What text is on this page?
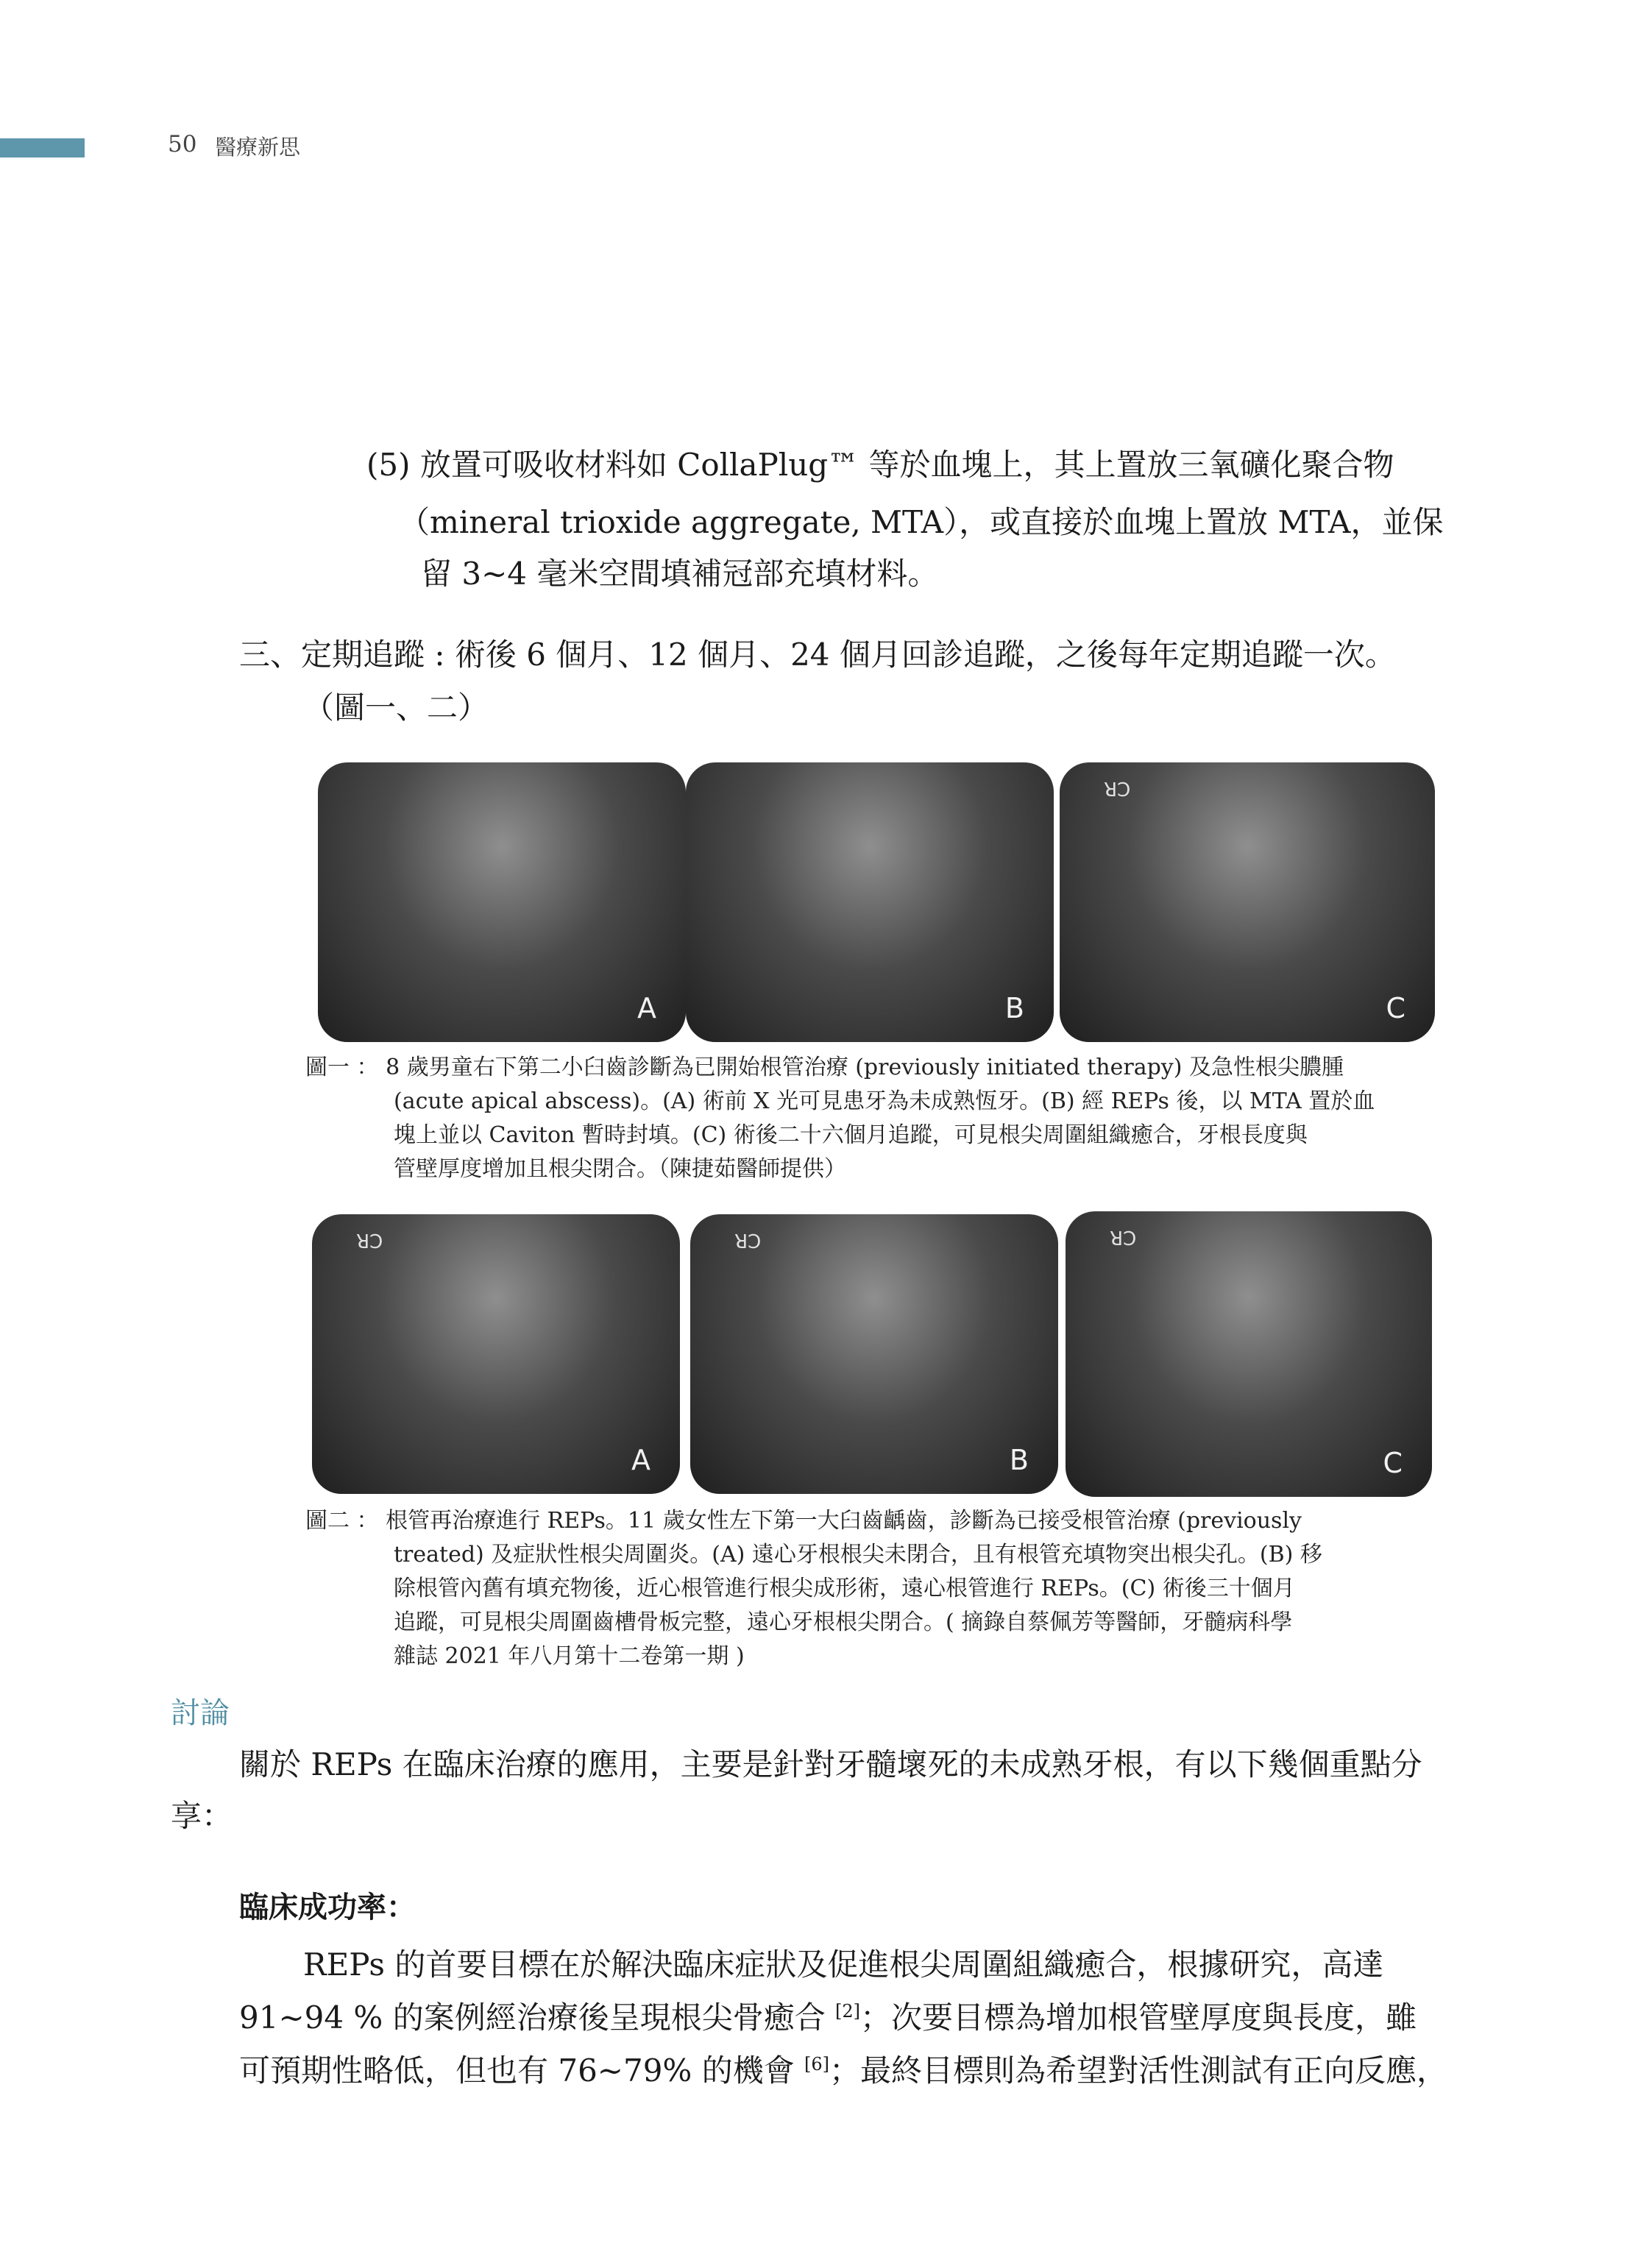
50 醫療新思
(5) 放置可吸收材料如 CollaPlug™ 等於血塊上，其上置放三氧礦化聚合物
（mineral trioxide aggregate, MTA），或直接於血塊上置放 MTA，並保
留 3~4 毫米空間填補冠部充填材料。
三、定期追蹤 : 術後 6 個月、12 個月、24 個月回診追蹤，之後每年定期追蹤一次。
（圖一、二）
A	B
CR
C
圖一 ： 8 歲男童右下第二小臼齒診斷為已開始根管治療 (previously initiated therapy) 及急性根尖膿腫
(acute apical abscess)。(A) 術前 X 光可見患牙為未成熟恆牙。(B) 經 REPs 後，以 MTA 置於血
塊上並以 Caviton 暫時封填。(C) 術後二十六個月追蹤，可見根尖周圍組織癒合，牙根長度與
管壁厚度增加且根尖閉合。（陳捷茹醫師提供）
CR
A
CR
B
CR
C
圖二 ： 根管再治療進行 REPs。11 歲女性左下第一大臼齒齲齒，診斷為已接受根管治療 (previously
treated) 及症狀性根尖周圍炎。(A) 遠心牙根根尖未閉合，且有根管充填物突出根尖孔。(B) 移
除根管內舊有填充物後，近心根管進行根尖成形術，遠心根管進行 REPs。(C) 術後三十個月
追蹤，可見根尖周圍齒槽骨板完整，遠心牙根根尖閉合。( 摘錄自蔡佩芳等醫師，牙髓病科學
雜誌 2021 年八月第十二卷第一期 )
討論
關於 REPs 在臨床治療的應用，主要是針對牙髓壞死的未成熟牙根，有以下幾個重點分
享：
臨床成功率：
REPs 的首要目標在於解決臨床症狀及促進根尖周圍組織癒合，根據研究，高達
91~94 % 的案例經治療後呈現根尖骨癒合 [2]；次要目標為增加根管壁厚度與長度，雖
可預期性略低，但也有 76~79% 的機會 [6]；最終目標則為希望對活性測試有正向反應，
